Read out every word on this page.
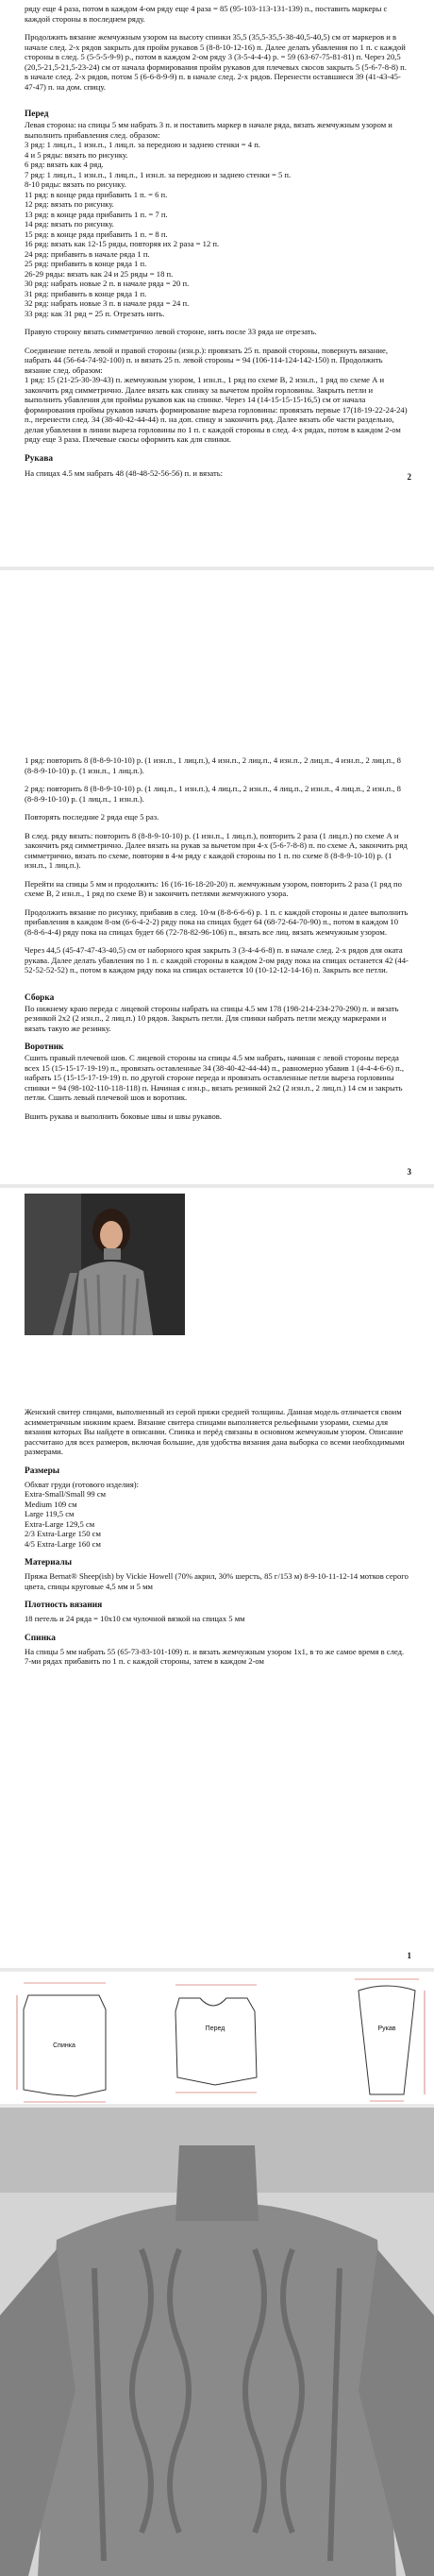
ряду еще 4 раза, потом в каждом 4-ом ряду еще 4 раза = 85 (95-103-113-131-139) п., поставить маркеры с каждой стороны в последнем ряду.

Продолжить вязание жемчужным узором на высоту спинки 35,5 (35,5-35,5-38-40,5-40,5) см от маркеров и в начале след. 2-х рядов закрыть для пройм рукавов 5 (8-8-10-12-16) п. Далее делать убавления по 1 п. с каждой стороны в след. 5 (5-5-5-9-9) р., потом в каждом 2-ом ряду 3 (3-5-4-4-4) р. = 59 (63-67-75-81-81) п. Через 20,5 (20,5-21,5-21,5-23-24) см от начала формирования пройм рукавов для плечевых скосов закрыть 5 (5-6-7-8-8) п. в начале след. 2-х рядов, потом 5 (6-6-8-9-9) п. в начале след. 2-х рядов. Перенести оставшиеся 39 (41-43-45-47-47) п. на дом. спицу.

Перед

Левая сторона: на спицы 5 мм набрать 3 п. и поставить маркер в начале ряда, вязать жемчужным узором и выполнить прибавления след. образом:

3 ряд: 1 лиц.п., 1 изн.п., 1 лиц.п. за передною и заднею стенки = 4 п.

4 и 5 ряды: вязать по рисунку.

6 ряд: вязать как 4 ряд.

7 ряд: 1 лиц.п., 1 изн.п., 1 лиц.п., 1 изн.п. за передною и заднею стенки = 5 п.

8-10 ряды: вязать по рисунку.

11 ряд: в конце ряда прибавить 1 п. = 6 п.

12 ряд: вязать по рисунку.

13 ряд: в конце ряда прибавить 1 п. = 7 п.

14 ряд: вязать по рисунку.

15 ряд: в конце ряда прибавить 1 п. = 8 п.

16 ряд: вязать как 12-15 ряды, повторяя их 2 раза = 12 п.

24 ряд: прибавить в начале ряда 1 п.

25 ряд: прибавить в конце ряда 1 п.

26-29 ряды: вязать как 24 и 25 ряды = 18 п.

30 ряд: набрать новые 2 п. в начале ряда = 20 п.

31 ряд: прибавить в конце ряда 1 п.

32 ряд: набрать новые 3 п. в начале ряда = 24 п.

33 ряд: как 31 ряд = 25 п. Отрезать нить.

Правую сторону вязать симметрично левой стороне, нить после 33 ряда не отрезать.

Соединение петель левой и правой стороны (изн.р.): провязать 25 п. правой стороны, повернуть вязание, набрать 44 (56-64-74-92-100) п. и вязать 25 п. левой стороны = 94 (106-114-124-142-150) п. Продолжить вязание след. образом:

1 ряд: 15 (21-25-30-39-43) п. жемчужным узором, 1 изн.п., 1 ряд по схеме В, 2 изн.п., 1 ряд по схеме А и закончить ряд симметрично. Далее вязать как спинку за вычетом пройм горловины. Закрыть петли и выполнить убавления для проймы рукавов как на спинке. Через 14 (14-15-15-15-16,5) см от начала формирования проймы рукавов начать формирование выреза горловины: провязать первые 17(18-19-22-24-24) п., перенести след. 34 (38-40-42-44-44) п. на доп. спицу и закончить ряд. Далее вязать обе части раздельно, делая убавления в линии выреза горловины по 1 п. с каждой стороны в след. 4-х рядах, потом в каждом 2-ом ряду еще 3 раза. Плечевые скосы оформить как для спинки.

Рукава

На спицах 4.5 мм набрать 48 (48-48-52-56-56) п. и вязать:	2

1 ряд: повторить 8 (8-8-9-10-10) р. (1 изн.п., 1 лиц.п.), 4 изн.п., 2 лиц.п., 4 изн.п., 2 лиц.п., 4 изн.п., 2 лиц.п., 8 (8-8-9-10-10) р. (1 изн.п., 1 лиц.п.).

2 ряд: повторить 8 (8-8-9-10-10) р. (1 лиц.п., 1 изн.п.), 4 лиц.п., 2 изн.п., 4 лиц.п., 2 изн.п., 4 лиц.п., 2 изн.п., 8 (8-8-9-10-10) р. (1 лиц.п., 1 изн.п.).

Повторять последние 2 ряда еще 5 раз.

В след. ряду вязать: повторить 8 (8-8-9-10-10) р. (1 изн.п., 1 лиц.п.), повторить 2 раза (1 лиц.п.) по схеме А и закончить ряд симметрично. Далее вязать на рукав за вычетом при 4-х (5-6-7-8-8) п. по схеме А, закончить ряд симметрично, вязать по схеме, повторяя в 4-м ряду с каждой стороны по 1 п. по схеме 8 (8-8-9-10-10) р. (1 изн.п., 1 лиц.п.).

Перейти на спицы 5 мм и продолжить: 16 (16-16-18-20-20) п. жемчужным узором, повторить 2 раза (1 ряд по схеме В, 2 изн.п., 1 ряд по схеме В) и закончить петлями жемчужного узора.

Продолжить вязание по рисунку, прибавив в след. 10-м (8-8-6-6-6) р. 1 п. с каждой стороны и далее выполнить прибавления в каждом 8-ом (6-6-4-2-2) ряду пока на спицах будет 64 (68-72-64-70-90) п., потом в каждом 10 (8-8-6-4-4) ряду пока на спицах будет 66 (72-78-82-96-106) п., вязать все лиц. вязать жемчужным узором.

Через 44,5 (45-47-47-43-40,5) см от наборного края закрыть 3 (3-4-4-6-8) п. в начале след. 2-х рядов для оката рукава. Далее делать убавления по 1 п. с каждой стороны в каждом 2-ом ряду пока на спицах останется 42 (44-52-52-52-52) п., потом в каждом ряду пока на спицах останется 10 (10-12-12-14-16) п. Закрыть все петли.

Сборка

По нижнему краю переда с лицевой стороны набрать на спицы 4.5 мм 178 (198-214-234-270-290) п. и вязать резинкой 2х2 (2 изн.п., 2 лиц.п.) 10 рядов. Закрыть петли. Для спинки набрать петли между маркерами и вязать такую же резинку.

Воротник

Сшить правый плечевой шов. С лицевой стороны на спицы 4.5 мм набрать, начиная с левой стороны переда всех 15 (15-15-17-19-19) п., провязать оставленные 34 (38-40-42-44-44) п., равномерно убавив 1 (4-4-4-6-6) п., набрать 15 (15-15-17-19-19) п. по другой стороне переда и провязать оставленные петли выреза горловины спинки = 94 (98-102-110-118-118) п. Начиная с изн.р., вязать резинкой 2х2 (2 изн.п., 2 лиц.п.) 14 см и закрыть петли. Сшить левый плечевой шов и воротник.

Вшить рукава и выполнить боковые швы и швы рукавов.

3

Женский свитер спицами, выполненный из серой пряжи средней толщины. Данная модель отличается своим асимметричным нижним краем. Вязание свитера спицами выполняется рельефными узорами, схемы для вязания которых Вы найдете в описании. Спинка и перёд связаны в основном жемчужным узором. Описание рассчитано для всех размеров, включая большие, для удобства вязания дана выборка со всеми необходимыми размерами.

Размеры

Обхват груди (готового изделия):

Extra-Small/Small 99 см

Medium 109 см

Large 119,5 см

Extra-Large 129,5 см

2/3 Extra-Large 150 см

4/5 Extra-Large 160 см

Материалы

Пряжа Bernat® Sheep(ish) by Vickie Howell (70% акрил, 30% шерсть, 85 г/153 м) 8-9-10-11-12-14 мотков серого цвета, спицы круговые 4,5 мм и 5 мм

Плотность вязания

18 петель и 24 ряда = 10х10 см чулочной вязкой на спицах 5 мм

Спинка

На спицы 5 мм набрать 55 (65-73-83-101-109) п. и вязать жемчужным узором 1х1, в то же самое время в след. 7-ми рядах прибавить по 1 п. с каждой стороны, затем в каждом 2-ом

1
Спинка
Перед	Рукав
